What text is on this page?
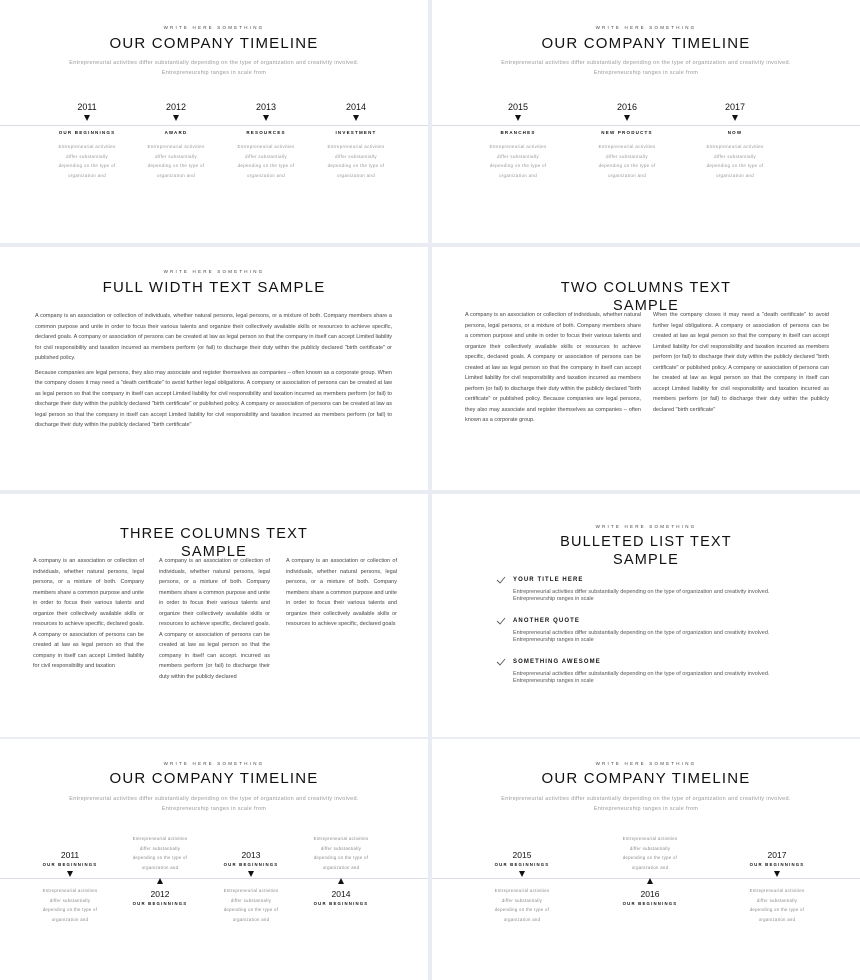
WRITE HERE SOMETHING
OUR COMPANY TIMELINE
Entrepreneurial activities differ substantially depending on the type of organization and creativity involved. Entrepreneurship ranges in scale from
2011
OUR BEGINNINGS
Entrepreneurial activities differ substantially depending on the type of organization and
2012
AWARD
Entrepreneurial activities differ substantially depending on the type of organization and
2013
RESOURCES
Entrepreneurial activities differ substantially depending on the type of organization and
2014
INVESTMENT
Entrepreneurial activities differ substantially depending on the type of organization and
WRITE HERE SOMETHING
OUR COMPANY TIMELINE
Entrepreneurial activities differ substantially depending on the type of organization and creativity involved. Entrepreneurship ranges in scale from
2015
BRANCHES
Entrepreneurial activities differ substantially depending on the type of organization and
2016
NEW PRODUCTS
Entrepreneurial activities differ substantially depending on the type of organization and
2017
NOW
Entrepreneurial activities differ substantially depending on the type of organization and
WRITE HERE SOMETHING
FULL WIDTH TEXT SAMPLE

A company is an association or collection of individuals, whether natural persons, legal persons, or a mixture of both. Company members share a common purpose and unite in order to focus their various talents and organize their collectively available skills or resources to achieve specific, declared goals. A company or association of persons can be created at law as legal person so that the company in itself can accept Limited liability for civil responsibility and taxation incurred as members perform (or fail) to discharge their duty within the publicly declared "birth certificate" or published policy.

Because companies are legal persons, they also may associate and register themselves as companies – often known as a corporate group. When the company closes it may need a "death certificate" to avoid further legal obligations. A company or association of persons can be created at law as legal person so that the company in itself can accept Limited liability for civil responsibility and taxation incurred as members perform (or fail) to discharge their duty within the publicly declared "birth certificate" or published policy. A company or association of persons can be created at law as legal person so that the company in itself can accept Limited liability for civil responsibility and taxation incurred as members perform (or fail) to discharge their duty within the publicly declared "birth certificate"

TWO COLUMNS TEXT SAMPLE
A company is an association or collection of individuals, whether natural persons, legal persons, or a mixture of both. Company members share a common purpose and unite in order to focus their various talents and organize their collectively available skills or resources to achieve specific, declared goals. A company or association of persons can be created at law as legal person so that the company in itself can accept Limited liability for civil responsibility and taxation incurred as members perform (or fail) to discharge their duty within the publicly declared "birth certificate" or published policy. Because companies are legal persons, they also may associate and register themselves as companies – often known as a corporate group.
When the company closes it may need a "death certificate" to avoid further legal obligations. A company or association of persons can be created at law as legal person so that the company in itself can accept Limited liability for civil responsibility and taxation incurred as members perform (or fail) to discharge their duty within the publicly declared "birth certificate" or published policy. A company or association of persons can be created at law as legal person so that the company in itself can accept Limited liability for civil responsibility and taxation incurred as members perform (or fail) to discharge their duty within the publicly declared "birth certificate"
THREE COLUMNS TEXT SAMPLE
A company is an association or collection of individuals, whether natural persons, legal persons, or a mixture of both. Company members share a common purpose and unite in order to focus their various talents and organize their collectively available skills or resources to achieve specific, declared goals. A company or association of persons can be created at law as legal person so that the company in itself can accept Limited liability for civil responsibility and taxation
A company is an association or collection of individuals, whether natural persons, legal persons, or a mixture of both. Company members share a common purpose and unite in order to focus their various talents and organize their collectively available skills or resources to achieve specific, declared goals. A company or association of persons can be created at law as legal person so that the company in itself can accept. incurred as members perform (or fail) to discharge their duty within the publicly declared
A company is an association or collection of individuals, whether natural persons, legal persons, or a mixture of both. Company members share a common purpose and unite in order to focus their various talents and organize their collectively available skills or resources to achieve specific, declared goals
WRITE HERE SOMETHING
BULLETED LIST TEXT SAMPLE
YOUR TITLE HERE
Entrepreneurial activities differ substantially depending on the type of organization and creativity involved. Entrepreneurship ranges in scale
ANOTHER QUOTE
Entrepreneurial activities differ substantially depending on the type of organization and creativity involved. Entrepreneurship ranges in scale
SOMETHING AWESOME
Entrepreneurial activities differ substantially depending on the type of organization and creativity involved. Entrepreneurship ranges in scale
WRITE HERE SOMETHING
OUR COMPANY TIMELINE
Entrepreneurial activities differ substantially depending on the type of organization and creativity involved. Entrepreneurship ranges in scale from
2011
OUR BEGINNINGS
Entrepreneurial activities differ substantially depending on the type of organization and
Entrepreneurial activities differ substantially depending on the type of organization and
2012
OUR BEGINNINGS
2013
OUR BEGINNINGS
Entrepreneurial activities differ substantially depending on the type of organization and
Entrepreneurial activities differ substantially depending on the type of organization and
2014
OUR BEGINNINGS
WRITE HERE SOMETHING
OUR COMPANY TIMELINE
Entrepreneurial activities differ substantially depending on the type of organization and creativity involved. Entrepreneurship ranges in scale from
2015
OUR BEGINNINGS
Entrepreneurial activities differ substantially depending on the type of organization and
Entrepreneurial activities differ substantially depending on the type of organization and
2016
OUR BEGINNINGS
2017
OUR BEGINNINGS
Entrepreneurial activities differ substantially depending on the type of organization and
